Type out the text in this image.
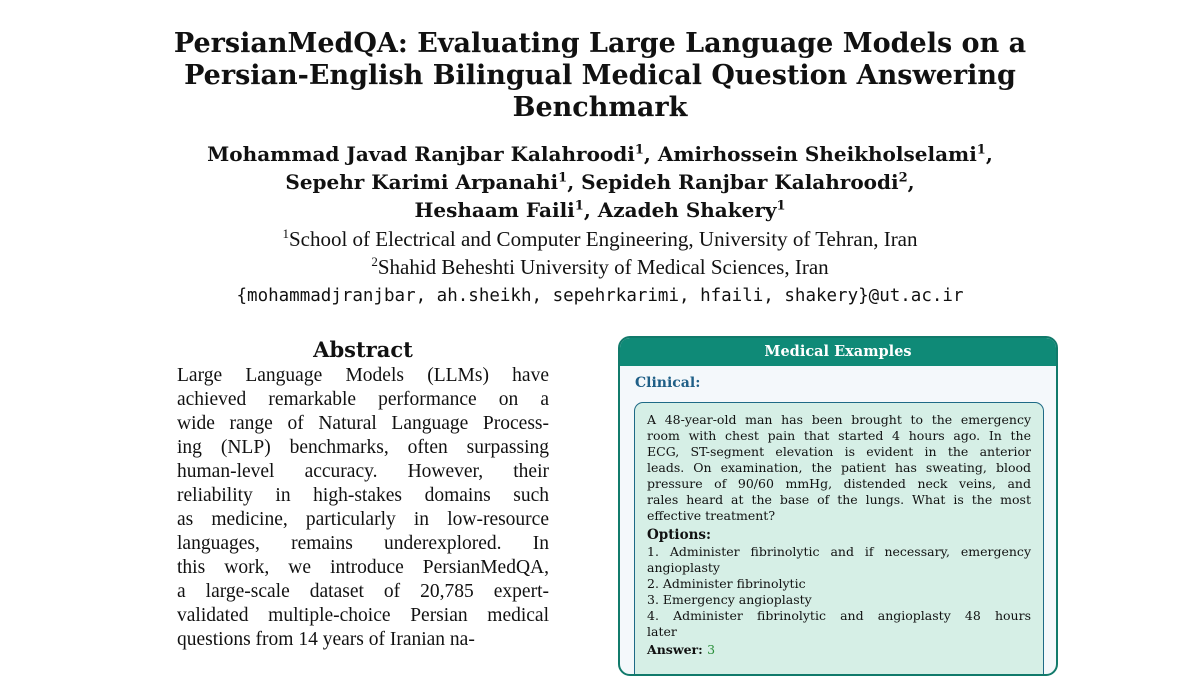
PersianMedQA: Evaluating Large Language Models on a
Persian-English Bilingual Medical Question Answering
Benchmark
Mohammad Javad Ranjbar Kalahroodi$^1$, Amirhossein Sheikholselami$^1$,
Sepehr Karimi Arpanahi$^1$, Sepideh Ranjbar Kalahroodi$^2$,
Heshaam Faili$^1$, Azadeh Shakery$^1$
$^1$School of Electrical and Computer Engineering, University of Tehran, Iran
$^2$Shahid Beheshti University of Medical Sciences, Iran
{mohammadjranjbar, ah.sheikh, sepehrkarimi, hfaili, shakery}@ut.ac.ir
Abstract
Large Language Models (LLMs) have
achieved remarkable performance on a
wide range of Natural Language Process-
ing (NLP) benchmarks, often surpassing
human-level accuracy. However, their
reliability in high-stakes domains such
as medicine, particularly in low-resource
languages, remains underexplored. In
this work, we introduce PersianMedQA,
a large-scale dataset of 20,785 expert-
validated multiple-choice Persian medical
questions from 14 years of Iranian na-
Medical Examples
Clinical:
A 48-year-old man has been brought to the emergency
room with chest pain that started 4 hours ago. In the
ECG, ST-segment elevation is evident in the anterior
leads. On examination, the patient has sweating, blood
pressure of 90/60 mmHg, distended neck veins, and
rales heard at the base of the lungs. What is the most
effective treatment?
Options:
1. Administer fibrinolytic and if necessary, emergency
angioplasty
2. Administer fibrinolytic
3. Emergency angioplasty
4. Administer fibrinolytic and angioplasty 48 hours
later
Answer: 3
